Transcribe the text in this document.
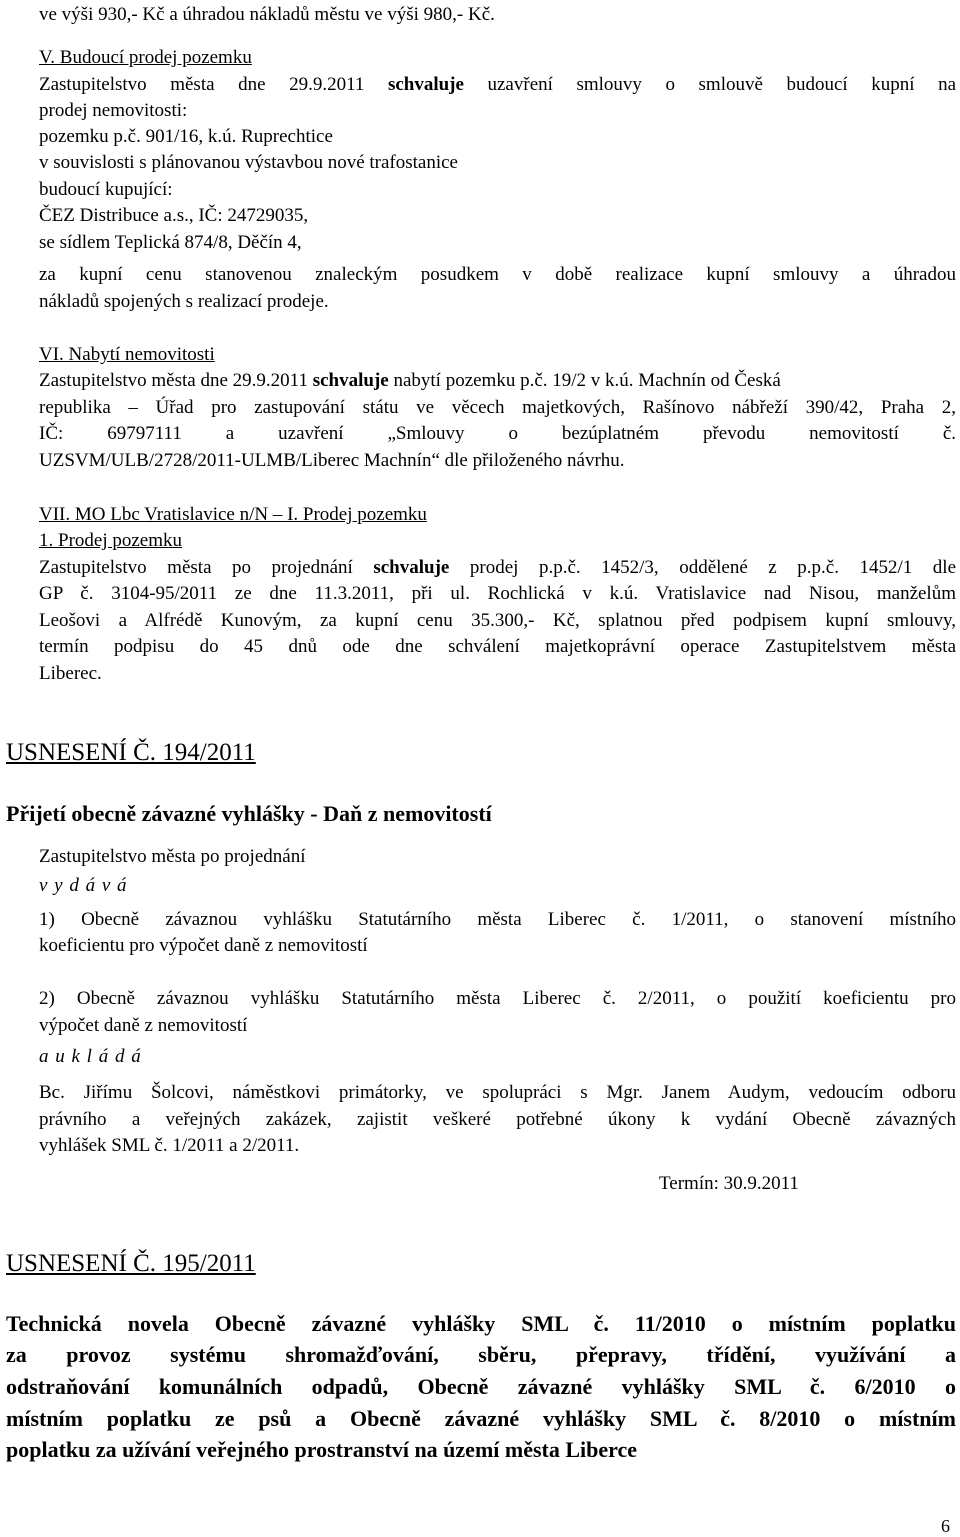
ve výši 930,- Kč a úhradou nákladů městu ve výši 980,- Kč.
V. Budoucí prodej pozemku
Zastupitelstvo města dne 29.9.2011 schvaluje uzavření smlouvy o smlouvě budoucí kupní na
prodej nemovitosti:
pozemku p.č. 901/16, k.ú. Ruprechtice
v souvislosti s plánovanou výstavbou nové trafostanice
budoucí kupující:
ČEZ Distribuce a.s., IČ: 24729035,
se sídlem Teplická 874/8, Děčín 4,
za kupní cenu stanovenou znaleckým posudkem v době realizace kupní smlouvy a úhradou
nákladů spojených s realizací prodeje.
VI. Nabytí nemovitosti
Zastupitelstvo města dne 29.9.2011 schvaluje nabytí pozemku p.č. 19/2 v k.ú. Machnín od Česká
republika – Úřad pro zastupování státu ve věcech majetkových, Rašínovo nábřeží 390/42, Praha 2,
IČ: 69797111 a uzavření „Smlouvy o bezúplatném převodu nemovitostí č.
UZSVM/ULB/2728/2011-ULMB/Liberec Machnín“ dle přiloženého návrhu.
VII. MO Lbc Vratislavice n/N – I. Prodej pozemku
1. Prodej pozemku
Zastupitelstvo města po projednání schvaluje prodej p.p.č. 1452/3, oddělené z p.p.č. 1452/1 dle
GP č. 3104-95/2011 ze dne 11.3.2011, při ul. Rochlická v k.ú. Vratislavice nad Nisou, manželům
Leošovi a Alfrédě Kunovým, za kupní cenu 35.300,- Kč, splatnou před podpisem kupní smlouvy,
termín podpisu do 45 dnů ode dne schválení majetkoprávní operace Zastupitelstvem města
Liberec.
USNESENÍ Č. 194/2011
Přijetí obecně závazné vyhlášky - Daň z nemovitostí
Zastupitelstvo města po projednání
v y d á v á
1) Obecně závaznou vyhlášku Statutárního města Liberec č. 1/2011, o stanovení místního
koeficientu pro výpočet daně z nemovitostí
2) Obecně závaznou vyhlášku Statutárního města Liberec č. 2/2011, o použití koeficientu pro
výpočet daně z nemovitostí
a u k l á d á
Bc. Jiřímu Šolcovi, náměstkovi primátorky, ve spolupráci s Mgr. Janem Audym, vedoucím odboru
právního a veřejných zakázek, zajistit veškeré potřebné úkony k vydání Obecně závazných
vyhlášek SML č. 1/2011 a 2/2011.
Termín: 30.9.2011
USNESENÍ Č. 195/2011
Technická novela Obecně závazné vyhlášky SML č. 11/2010 o místním poplatku
za provoz systému shromažďování, sběru, přepravy, třídění, využívání a
odstraňování komunálních odpadů, Obecně závazné vyhlášky SML č. 6/2010 o
místním poplatku ze psů a Obecně závazné vyhlášky SML č. 8/2010 o místním
poplatku za užívání veřejného prostranství na území města Liberce
6
